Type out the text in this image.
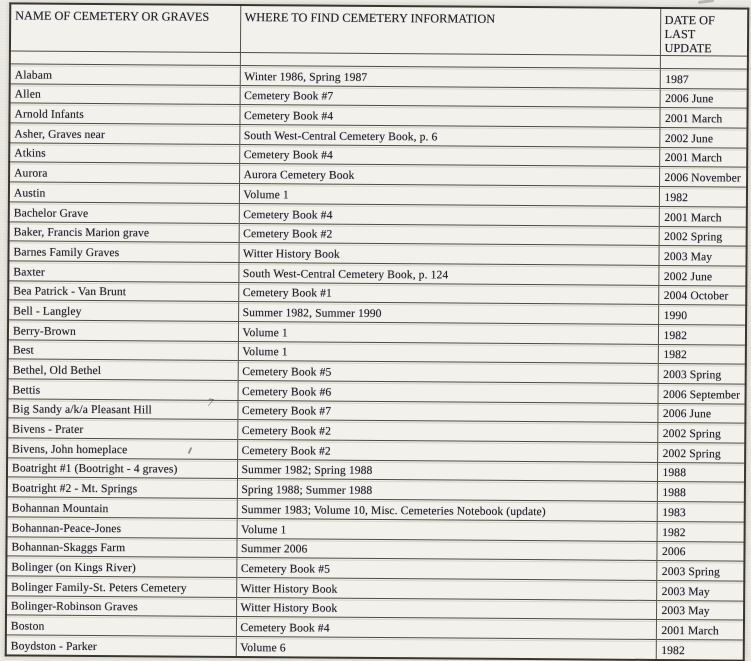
NAME OF CEMETERY OR GRAVES	WHERE TO FIND CEMETERY INFORMATION	DATE OF LAST UPDATE

Alabam	Winter 1986, Spring 1987	1987
Allen	Cemetery Book #7	2006 June
Arnold Infants	Cemetery Book #4	2001 March
Asher, Graves near	South West-Central Cemetery Book, p. 6	2002 June
Atkins	Cemetery Book #4	2001 March
Aurora	Aurora Cemetery Book	2006 November
Austin	Volume 1	1982
Bachelor Grave	Cemetery Book #4	2001 March
Baker, Francis Marion grave	Cemetery Book #2	2002 Spring
Barnes Family Graves	Witter History Book	2003 May
Baxter	South West-Central Cemetery Book, p. 124	2002 June
Bea Patrick - Van Brunt	Cemetery Book #1	2004 October
Bell - Langley	Summer 1982, Summer 1990	1990
Berry-Brown	Volume 1	1982
Best	Volume 1	1982
Bethel, Old Bethel	Cemetery Book #5	2003 Spring
Bettis	Cemetery Book #6	2006 September
Big Sandy a/k/a Pleasant Hill	Cemetery Book #7	2006 June
Bivens - Prater	Cemetery Book #2	2002 Spring
Bivens, John homeplace	Cemetery Book #2	2002 Spring
Boatright #1 (Bootright - 4 graves)	Summer 1982; Spring 1988	1988
Boatright #2 - Mt. Springs	Spring 1988; Summer 1988	1988
Bohannan Mountain	Summer 1983; Volume 10, Misc. Cemeteries Notebook (update)	1983
Bohannan-Peace-Jones	Volume 1	1982
Bohannan-Skaggs Farm	Summer 2006	2006
Bolinger (on Kings River)	Cemetery Book #5	2003 Spring
Bolinger Family-St. Peters Cemetery	Witter History Book	2003 May
Bolinger-Robinson Graves	Witter History Book	2003 May
Boston	Cemetery Book #4	2001 March
Boydston - Parker	Volume 6	1982
7
